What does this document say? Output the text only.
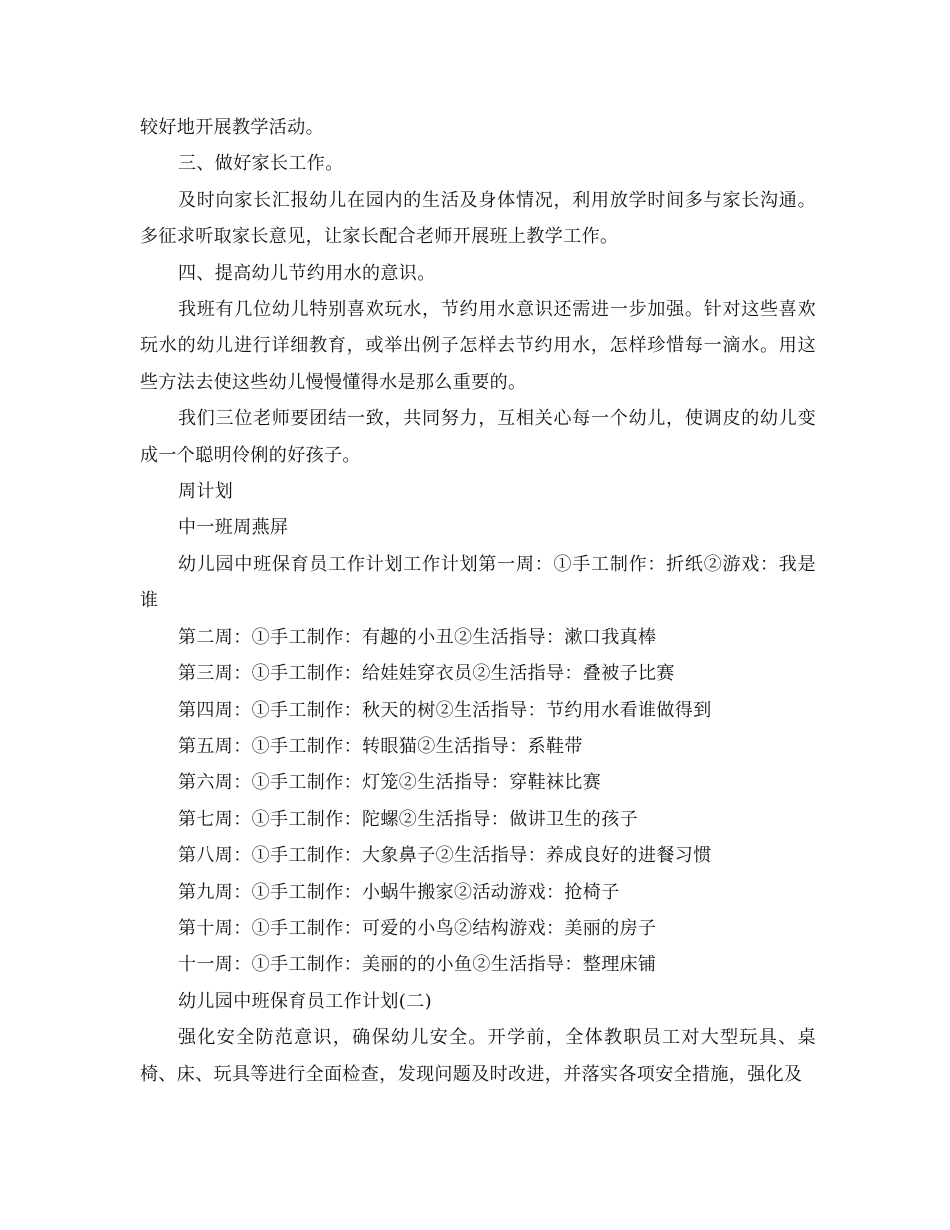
较好地开展教学活动。

三、做好家长工作。

及时向家长汇报幼儿在园内的生活及身体情况，利用放学时间多与家长沟通。多征求听取家长意见，让家长配合老师开展班上教学工作。

四、提高幼儿节约用水的意识。

我班有几位幼儿特别喜欢玩水，节约用水意识还需进一步加强。针对这些喜欢玩水的幼儿进行详细教育，或举出例子怎样去节约用水，怎样珍惜每一滴水。用这些方法去使这些幼儿慢慢懂得水是那么重要的。

我们三位老师要团结一致，共同努力，互相关心每一个幼儿，使调皮的幼儿变成一个聪明伶俐的好孩子。

周计划

中一班周燕屏

幼儿园中班保育员工作计划工作计划第一周：①手工制作：折纸②游戏：我是谁

第二周：①手工制作：有趣的小丑②生活指导：漱口我真棒

第三周：①手工制作：给娃娃穿衣员②生活指导：叠被子比赛

第四周：①手工制作：秋天的树②生活指导：节约用水看谁做得到

第五周：①手工制作：转眼猫②生活指导：系鞋带

第六周：①手工制作：灯笼②生活指导：穿鞋袜比赛

第七周：①手工制作：陀螺②生活指导：做讲卫生的孩子

第八周：①手工制作：大象鼻子②生活指导：养成良好的进餐习惯

第九周：①手工制作：小蜗牛搬家②活动游戏：抢椅子

第十周：①手工制作：可爱的小鸟②结构游戏：美丽的房子

十一周：①手工制作：美丽的的小鱼②生活指导：整理床铺

幼儿园中班保育员工作计划(二)

强化安全防范意识，确保幼儿安全。开学前，全体教职员工对大型玩具、桌椅、床、玩具等进行全面检查，发现问题及时改进，并落实各项安全措施，强化及
